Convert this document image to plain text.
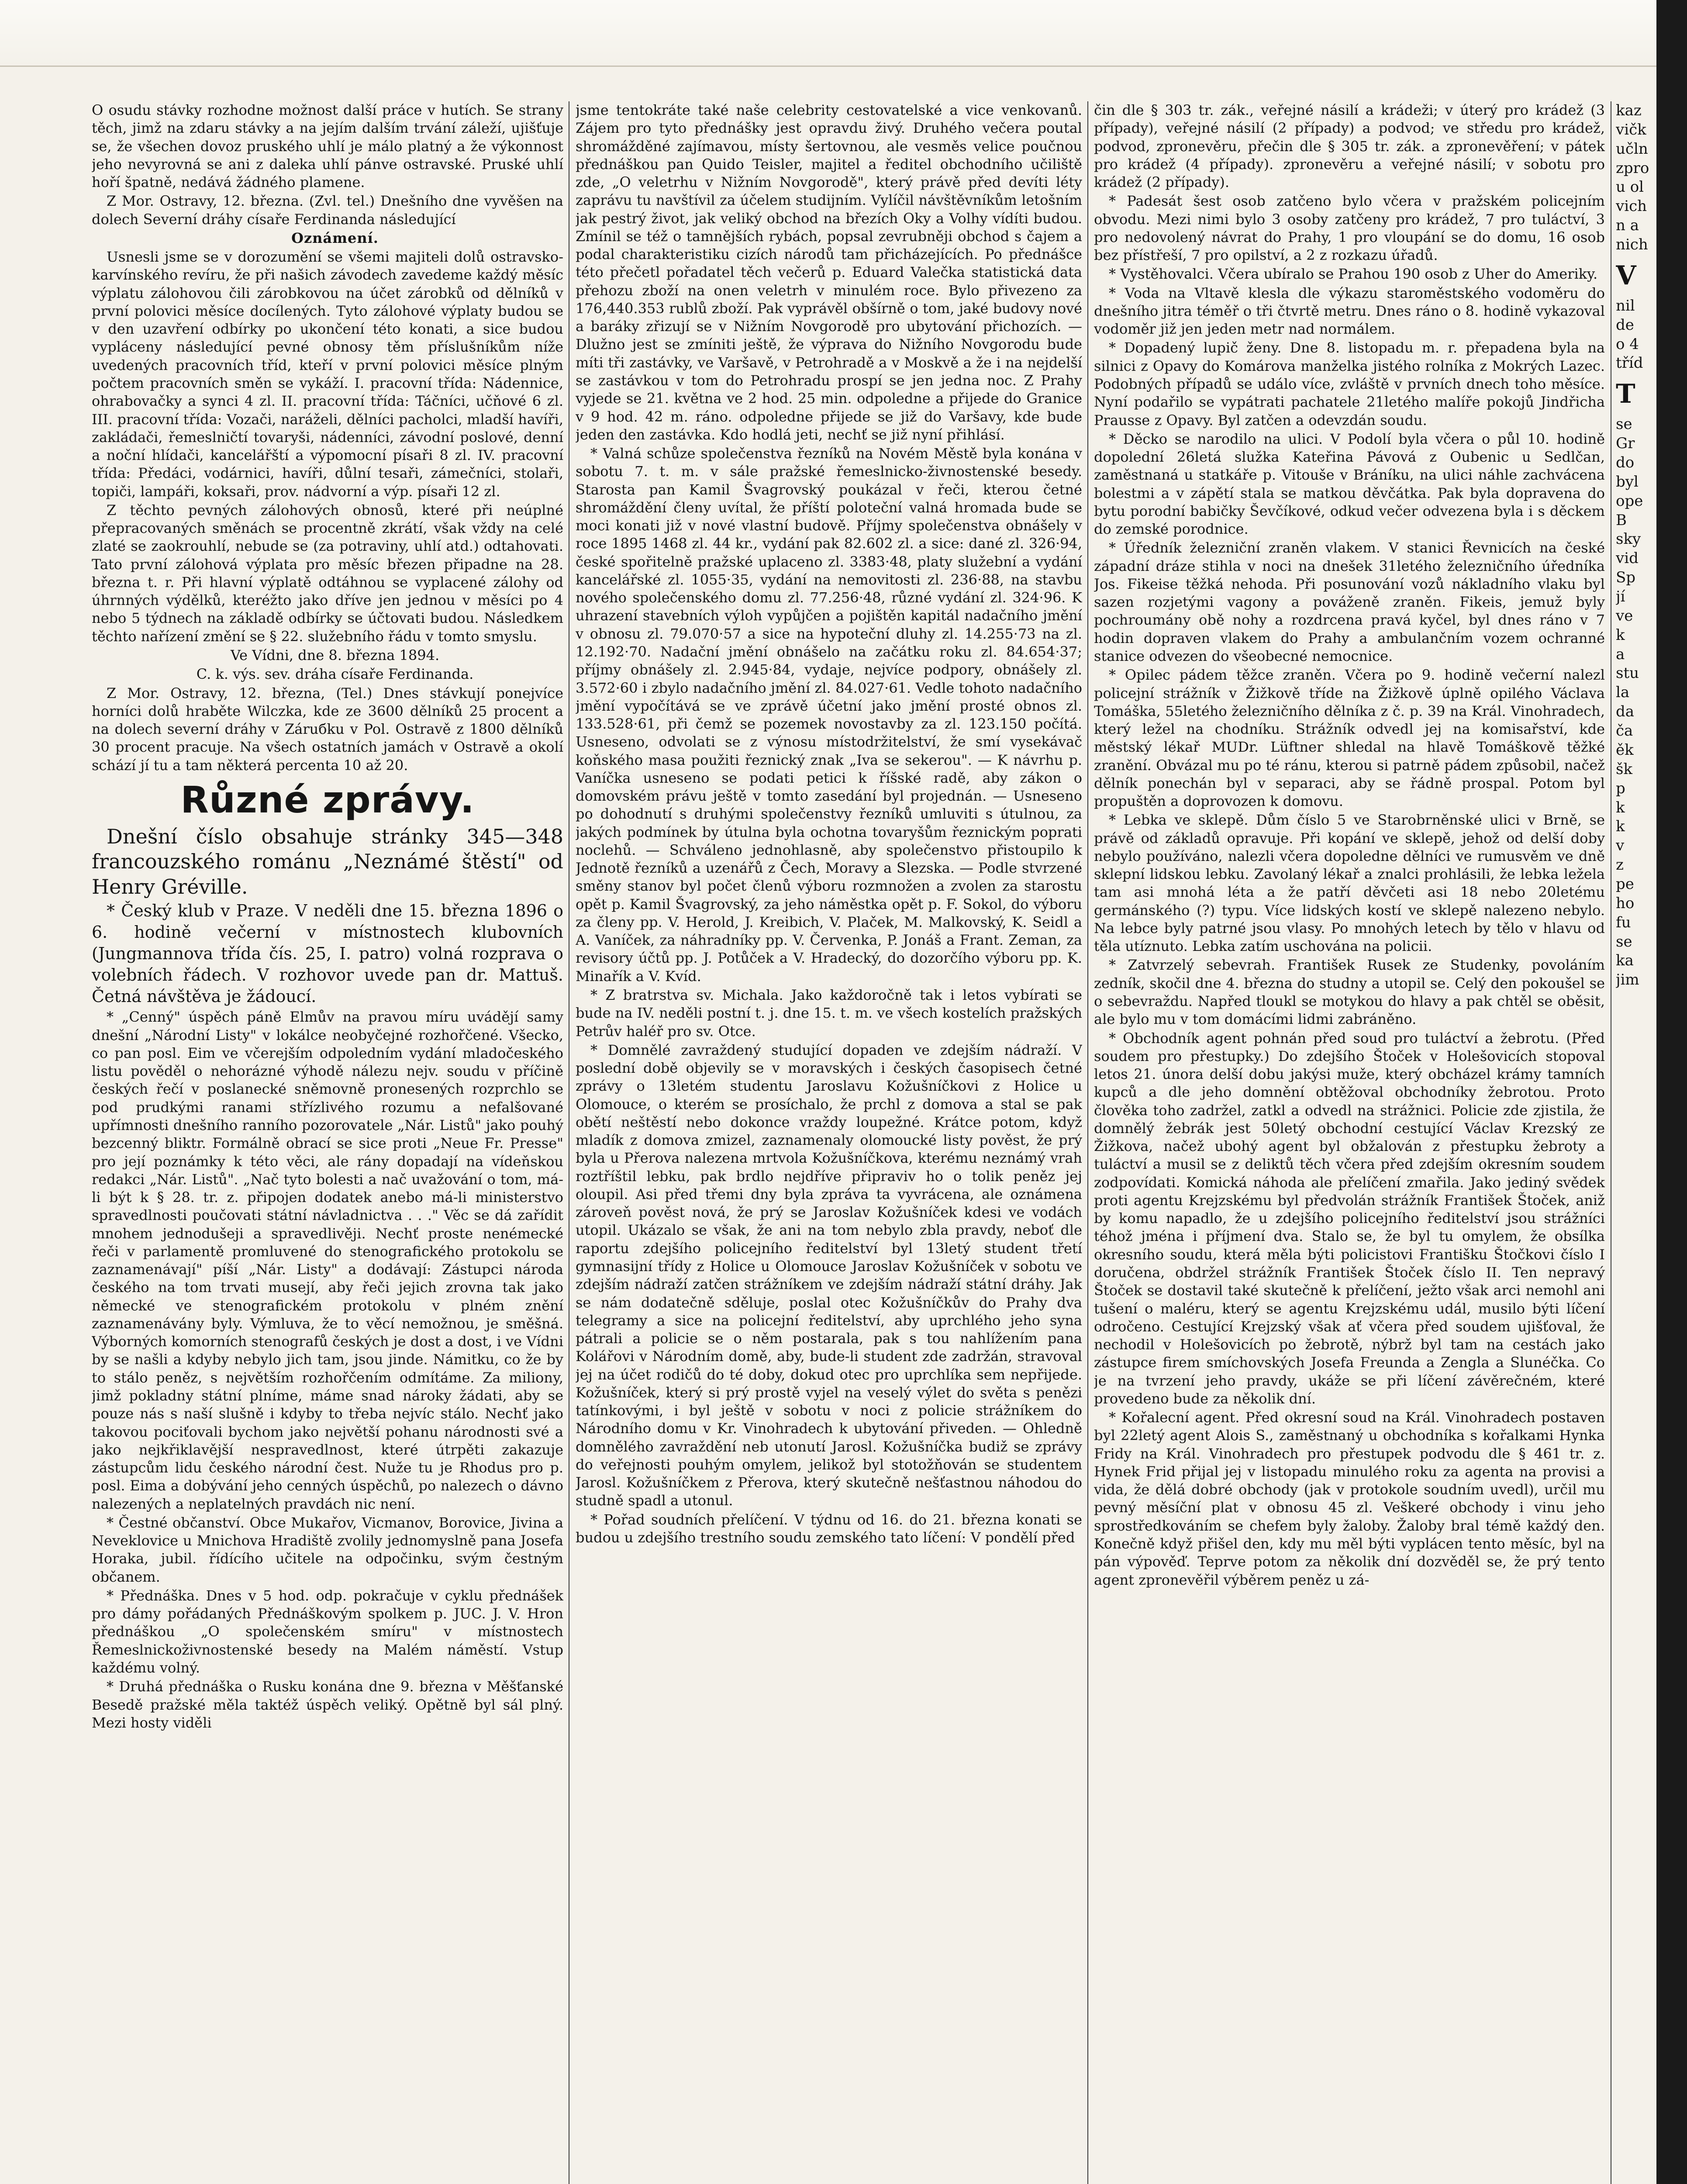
O osudu stávky rozhodne možnost další práce v hutích. Se strany těch, jimž na zdaru stávky a na jejím dalším trvání záleží, ujišťuje se, že všechen dovoz pruského uhlí je málo platný a že výkonnost jeho nevyrovná se ani z daleka uhlí pánve ostravské. Pruské uhlí hoří špatně, nedává žádného plamene.

Z Mor. Ostravy, 12. března. (Zvl. tel.) Dnešního dne vyvěšen na dolech Severní dráhy císaře Ferdinanda následující

Oznámení.

Usnesli jsme se v dorozumění se všemi majiteli dolů ostravsko-karvínského revíru, že při našich závodech zavedeme každý měsíc výplatu zálohovou čili zárobkovou na účet zárobků od dělníků v první polovici měsíce docílených. Tyto zálohové výplaty budou se v den uzavření odbírky po ukončení této konati, a sice budou vypláceny následující pevné obnosy těm příslušníkům níže uvedených pracovních tříd, kteří v první polovici měsíce plným počtem pracovních směn se vykáží. I. pracovní třída: Nádennice, ohrabovačky a synci 4 zl. II. pracovní třída: Táčníci, učňové 6 zl. III. pracovní třída: Vozači, naráželi, dělníci pacholci, mladší havíři, zakládači, řemeslničtí tovaryši, nádenníci, závodní poslové, denní a noční hlídači, kancelářští a výpomocní písaři 8 zl. IV. pracovní třída: Předáci, vodárnici, havíři, důlní tesaři, zámečníci, stolaři, topiči, lampáři, koksaři, prov. nádvorní a výp. písaři 12 zl.

Z těchto pevných zálohových obnosů, které při neúplné přepracovaných směnách se procentně zkrátí, však vždy na celé zlaté se zaokrouhlí, nebude se (za potraviny, uhlí atd.) odtahovati. Tato první zálohová výplata pro měsíc březen připadne na 28. března t. r. Při hlavní výplatě odtáhnou se vyplacené zálohy od úhrnných výdělků, kteréžto jako dříve jen jednou v měsíci po 4 nebo 5 týdnech na základě odbírky se účtovati budou. Následkem těchto nařízení změní se § 22. služebního řádu v tomto smyslu.

Ve Vídni, dne 8. března 1894.

C. k. výs. sev. dráha císaře Ferdinanda.

Z Mor. Ostravy, 12. března, (Tel.) Dnes stávkují ponejvíce horníci dolů hraběte Wilczka, kde ze 3600 dělníků 25 procent a na dolech severní dráhy v Záruбku v Pol. Ostravě z 1800 dělníků 30 procent pracuje. Na všech ostatních jamách v Ostravě a okolí schází jí tu a tam některá percenta 10 až 20.

Různé zprávy.

Dnešní číslo obsahuje stránky 345—348 francouzského románu „Neznámé štěstí" od Henry Gréville.

* Český klub v Praze. V neděli dne 15. března 1896 o 6. hodině večerní v místnostech klubovních (Jungmannova třída čís. 25, I. patro) volná rozprava o volebních řádech. V rozhovor uvede pan dr. Mattuš. Četná návštěva je žádoucí.

* „Cenný" úspěch páně Elmův na pravou míru uvádějí samy dnešní „Národní Listy" v lokálce neobyčejné rozhořčené. Všecko, co pan posl. Eim ve včerejším odpoledním vydání mladočeského listu pověděl o nehorázné výhodě nálezu nejv. soudu v příčině českých řečí v poslanecké sněmovně pronesených rozprchlo se pod prudkými ranami střízlivého rozumu a nefalšované upřímnosti dnešního ranního pozorovatele „Nár. Listů" jako pouhý bezcenný bliktr. Formálně obrací se sice proti „Neue Fr. Presse" pro její poznámky k této věci, ale rány dopadají na vídeňskou redakci „Nár. Listů". „Nač tyto bolesti a nač uvažování o tom, má-li být k § 28. tr. z. připojen dodatek anebo má-li ministerstvo spravedlnosti poučovati státní návladnictva . . ." Věc se dá zařídit mnohem jednodušeji a spravedlivěji. Nechť proste nenémecké řeči v parlamentě promluvené do stenografického protokolu se zaznamenávají" píší „Nár. Listy" a dodávají: Zástupci národa českého na tom trvati musejí, aby řeči jejich zrovna tak jako německé ve stenografickém protokolu v plném znění zaznamenávány byly. Výmluva, že to věcí nemožnou, je směšná. Výborných komorních stenografů českých je dost a dost, i ve Vídni by se našli a kdyby nebylo jich tam, jsou jinde. Námitku, co že by to stálo peněz, s největším rozhořčením odmítáme. Za miliony, jimž pokladny státní plníme, máme snad nároky žádati, aby se pouze nás s naší slušně i kdyby to třeba nejvíc stálo. Nechť jako takovou pociťovali bychom jako největší pohanu národnosti své a jako nejkřiklavější nespravedlnost, které útrpěti zakazuje zástupcům lidu českého národní čest. Nuže tu je Rhodus pro p. posl. Eima a dobývání jeho cenných úspěchů, po nalezech o dávno nalezených a neplatelných pravdách nic není.

* Čestné občanství. Obce Mukařov, Vicmanov, Borovice, Jivina a Neveklovice u Mnichova Hradiště zvolily jednomyslně pana Josefa Horaka, jubil. řídícího učitele na odpočinku, svým čestným občanem.

* Přednáška. Dnes v 5 hod. odp. pokračuje v cyklu přednášek pro dámy pořádaných Přednáškovým spolkem p. JUC. J. V. Hron přednáškou „O společenském smíru" v místnostech Řemeslnickoživnostenské besedy na Malém náměstí. Vstup každému volný.

* Druhá přednáška o Rusku konána dne 9. března v Měšťanské Besedě pražské měla taktéž úspěch veliký. Opětně byl sál plný. Mezi hosty viděli

jsme tentokráte také naše celebrity cestovatelské a vice venkovanů. Zájem pro tyto přednášky jest opravdu živý. Druhého večera poutal shromážděné zajímavou, místy šertovnou, ale vesměs velice poučnou přednáškou pan Quido Teisler, majitel a ředitel obchodního učiliště zde, „O veletrhu v Nižním Novgorodě", který právě před devíti léty zaprávu tu navštívil za účelem studijním. Vylíčil návštěvníkům letošním jak pestrý život, jak veliký obchod na březích Oky a Volhy vídíti budou. Zmínil se též o tamnějších rybách, popsal zevrubněji obchod s čajem a podal charakteristiku cizích národů tam přicházejících. Po přednášce této přečetl pořadatel těch večerů p. Eduard Valečka statistická data přehozu zboží na onen veletrh v minulém roce. Bylo přivezeno za 176,440.353 rublů zboží. Pak vyprávěl obšírně o tom, jaké budovy nové a baráky zřizují se v Nižním Novgorodě pro ubytování přichozích. — Dlužno jest se zmíniti ještě, že výprava do Nižního Novgorodu bude míti tři zastávky, ve Varšavě, v Petrohradě a v Moskvě a že i na nejdelší se zastávkou v tom do Petrohradu prospí se jen jedna noc. Z Prahy vyjede se 21. května ve 2 hod. 25 min. odpoledne a přijede do Granice v 9 hod. 42 m. ráno. odpoledne přijede se již do Varšavy, kde bude jeden den zastávka. Kdo hodlá jeti, nechť se již nyní přihlásí.

* Valná schůze společenstva řezníků na Novém Městě byla konána v sobotu 7. t. m. v sále pražské řemeslnicko-živnostenské besedy. Starosta pan Kamil Švagrovský poukázal v řeči, kterou četné shromáždění členy uvítal, že příští poloteční valná hromada bude se moci konati již v nové vlastní budově. Příjmy společenstva obnášely v roce 1895 1468 zl. 44 kr., vydání pak 82.602 zl. a sice: dané zl. 326·94, české spořitelně pražské uplaceno zl. 3383·48, platy služební a vydání kancelářské zl. 1055·35, vydání na nemovitosti zl. 236·88, na stavbu nového společenského domu zl. 77.256·48, různé vydání zl. 324·96. K uhrazení stavebních výloh vypůjčen a pojištěn kapitál nadačního jmění v obnosu zl. 79.070·57 a sice na hypoteční dluhy zl. 14.255·73 na zl. 12.192·70. Nadační jmění obnášelo na začátku roku zl. 84.654·37; příjmy obnášely zl. 2.945·84, vydaje, nejvíce podpory, obnášely zl. 3.572·60 i zbylo nadačního jmění zl. 84.027·61. Vedle tohoto nadačního jmění vypočítává se ve zprávě účetní jako jmění prosté obnos zl. 133.528·61, při čemž se pozemek novostavby za zl. 123.150 počítá. Usneseno, odvolati se z výnosu místodržitelství, že smí vysekávač koňského masa použiti řeznický znak „Iva se sekerou". — K návrhu p. Vaníčka usneseno se podati petici k říšské radě, aby zákon o domovském právu ještě v tomto zasedání byl projednán. — Usneseno po dohodnutí s druhými společenstvy řezníků umluviti s útulnou, za jakých podmínek by útulna byla ochotna tovaryšům řeznickým poprati noclehů. — Schváleno jednohlasně, aby společenstvo přistoupilo k Jednotě řezníků a uzenářů z Čech, Moravy a Slezska. — Podle stvrzené směny stanov byl počet členů výboru rozmnožen a zvolen za starostu opět p. Kamil Švagrovský, za jeho náměstka opět p. F. Sokol, do výboru za členy pp. V. Herold, J. Kreibich, V. Plaček, M. Malkovský, K. Seidl a A. Vaníček, za náhradníky pp. V. Červenka, P. Jonáš a Frant. Zeman, za revisory účtů pp. J. Potůček a V. Hradecký, do dozorčího výboru pp. K. Minařík a V. Kvíd.

* Z bratrstva sv. Michala. Jako každoročně tak i letos vybírati se bude na IV. neděli postní t. j. dne 15. t. m. ve všech kostelích pražských Petrův haléř pro sv. Otce.

* Domnělé zavraždený studující dopaden ve zdejším nádraží. V poslední době objevily se v moravských i českých časopisech četné zprávy o 13letém studentu Jaroslavu Kožušníčkovi z Holice u Olomouce, o kterém se prosíchalo, že prchl z domova a stal se pak obětí neštěstí nebo dokonce vraždy loupežné. Krátce potom, když mladík z domova zmizel, zaznamenaly olomoucké listy pověst, že prý byla u Přerova nalezena mrtvola Kožušníčkova, kterému neznámý vrah roztříštil lebku, pak brdlo nejdříve připraviv ho o tolik peněz jej oloupil. Asi před třemi dny byla zpráva ta vyvrácena, ale oznámena zároveň pověst nová, že prý se Jaroslav Kožušníček kdesi ve vodách utopil. Ukázalo se však, že ani na tom nebylo zbla pravdy, neboť dle raportu zdejšího policejního ředitelství byl 13letý student třetí gymnasijní třídy z Holice u Olomouce Jaroslav Kožušníček v sobotu ve zdejším nádraží zatčen strážníkem ve zdejším nádraží státní dráhy. Jak se nám dodatečně sděluje, poslal otec Kožušníčkův do Prahy dva telegramy a sice na policejní ředitelství, aby uprchlého jeho syna pátrali a policie se o něm postarala, pak s tou nahlížením pana Kolářovi v Národním domě, aby, bude-li student zde zadržán, stravoval jej na účet rodičů do té doby, dokud otec pro uprchlíka sem nepřijede. Kožušníček, který si prý prostě vyjel na veselý výlet do světa s penězi tatínkovými, i byl ještě v sobotu v noci z policie strážníkem do Národního domu v Kr. Vinohradech k ubytování přiveden. — Ohledně domnělého zavraždění neb utonutí Jarosl. Kožušníčka budiž se zprávy do veřejnosti pouhým omylem, jelikož byl stotožňován se studentem Jarosl. Kožušníčkem z Přerova, který skutečně nešťastnou náhodou do studně spadl a utonul.

* Pořad soudních přelíčení. V týdnu od 16. do 21. března konati se budou u zdejšího trestního soudu zemského tato líčení: V pondělí před

čin dle § 303 tr. zák., veřejné násilí a krádeži; v úterý pro krádež (3 případy), veřejné násilí (2 případy) a podvod; ve středu pro krádež, podvod, zpronevěru, přečin dle § 305 tr. zák. a zpronevěření; v pátek pro krádež (4 případy). zpronevěru a veřejné násilí; v sobotu pro krádež (2 případy).

* Padesát šest osob zatčeno bylo včera v pražském policejním obvodu. Mezi nimi bylo 3 osoby zatčeny pro krádež, 7 pro tuláctví, 3 pro nedovolený návrat do Prahy, 1 pro vloupání se do domu, 16 osob bez přístřeší, 7 pro opilství, a 2 z rozkazu úřadů.

* Vystěhovalci. Včera ubíralo se Prahou 190 osob z Uher do Ameriky.

* Voda na Vltavě klesla dle výkazu staroměstského vodoměru do dnešního jitra téměř o tři čtvrtě metru. Dnes ráno o 8. hodině vykazoval vodoměr již jen jeden metr nad normálem.

* Dopadený lupič ženy. Dne 8. listopadu m. r. přepadena byla na silnici z Opavy do Komárova manželka jistého rolníka z Mokrých Lazec. Podobných případů se událo více, zvláště v prvních dnech toho měsíce. Nyní podařilo se vypátrati pachatele 21letého malíře pokojů Jindřicha Prausse z Opavy. Byl zatčen a odevzdán soudu.

* Děcko se narodilo na ulici. V Podolí byla včera o půl 10. hodině dopolední 26letá služka Kateřina Pávová z Oubenic u Sedlčan, zaměstnaná u statkáře p. Vitouše v Bráníku, na ulici náhle zachvácena bolestmi a v zápětí stala se matkou děvčátka. Pak byla dopravena do bytu porodní babičky Ševčíkové, odkud večer odvezena byla i s děckem do zemské porodnice.

* Úředník železniční zraněn vlakem. V stanici Řevnicích na české západní dráze stihla v noci na dnešek 31letého železničního úředníka Jos. Fikeise těžká nehoda. Při posunování vozů nákladního vlaku byl sazen rozjetými vagony a pováženě zraněn. Fikeis, jemuž byly pochroumány obě nohy a rozdrcena pravá kyčel, byl dnes ráno v 7 hodin dopraven vlakem do Prahy a ambulančním vozem ochranné stanice odvezen do všeobecné nemocnice.

* Opilec pádem těžce zraněn. Včera po 9. hodině večerní nalezl policejní strážník v Žižkově tříde na Žižkově úplně opilého Václava Tomáška, 55letého železničního dělníka z č. p. 39 na Král. Vinohradech, který ležel na chodníku. Strážník odvedl jej na komisařství, kde městský lékař MUDr. Lüftner shledal na hlavě Tomáškově těžké zranění. Obvázal mu po té ránu, kterou si patrně pádem způsobil, načež dělník ponechán byl v separaci, aby se řádně prospal. Potom byl propuštěn a doprovozen k domovu.

* Lebka ve sklepě. Dům číslo 5 ve Starobrněnské ulici v Brně, se právě od základů opravuje. Při kopání ve sklepě, jehož od delší doby nebylo používáno, nalezli včera dopoledne dělníci ve rumusvěm ve dně sklepní lidskou lebku. Zavolaný lékař a znalci prohlásili, že lebka ležela tam asi mnohá léta a že patří děvčeti asi 18 nebo 20letému germánského (?) typu. Více lidských kostí ve sklepě nalezeno nebylo. Na lebce byly patrné jsou vlasy. Po mnohých letech by tělo v hlavu od těla utíznuto. Lebka zatím uschována na policii.

* Zatvrzelý sebevrah. František Rusek ze Studenky, povoláním zedník, skočil dne 4. března do studny a utopil se. Celý den pokoušel se o sebevraždu. Napřed tloukl se motykou do hlavy a pak chtěl se oběsit, ale bylo mu v tom domácími lidmi zabráněno.

* Obchodník agent pohnán před soud pro tuláctví a žebrotu. (Před soudem pro přestupky.) Do zdejšího Štoček v Holešovicích stopoval letos 21. února delší dobu jakýsi muže, který obcházel krámy tamních kupců a dle jeho domnění obtěžoval obchodníky žebrotou. Proto člověka toho zadržel, zatkl a odvedl na strážnici. Policie zde zjistila, že domnělý žebrák jest 50letý obchodní cestující Václav Krezský ze Žižkova, načež ubohý agent byl obžalován z přestupku žebroty a tuláctví a musil se z deliktů těch včera před zdejším okresním soudem zodpovídati. Komická náhoda ale přelíčení zmařila. Jako jediný svědek proti agentu Krejzskému byl předvolán strážník František Štoček, aniž by komu napadlo, že u zdejšího policejního ředitelství jsou strážníci téhož jména i příjmení dva. Stalo se, že byl tu omylem, že obsílka okresního soudu, která měla býti policistovi Františku Štočkovi číslo I doručena, obdržel strážník František Štoček číslo II. Ten nepravý Štoček se dostavil také skutečně k přelíčení, ježto však arci nemohl ani tušení o maléru, který se agentu Krejzskému udál, musilo býti líčení odročeno. Cestující Krejzský však ať včera před soudem ujišťoval, že nechodil v Holešovicích po žebrotě, nýbrž byl tam na cestách jako zástupce firem smíchovských Josefa Freunda a Zengla a Slunéčka. Co je na tvrzení jeho pravdy, ukáže se při líčení závěrečném, které provedeno bude za několik dní.

* Kořalecní agent. Před okresní soud na Král. Vinohradech postaven byl 22letý agent Alois S., zaměstnaný u obchodníka s kořalkami Hynka Fridy na Král. Vinohradech pro přestupek podvodu dle § 461 tr. z. Hynek Frid přijal jej v listopadu minulého roku za agenta na provisi a vida, že dělá dobré obchody (jak v protokole soudním uvedl), určil mu pevný měsíční plat v obnosu 45 zl. Veškeré obchody i vinu jeho sprostředkováním se chefem byly žaloby. Žaloby bral témě každý den. Konečně když přišel den, kdy mu měl býti vyplácen tento měsíc, byl na pán výpověď. Teprve potom za několik dní dozvěděl se, že prý tento agent zpronevěřil výběrem peněz u zá-

kaz
vičk
učln
zpro
u ol
vich
n a
nich
V
nil
de
o 4
tříd
T
se
Gr
do
byl
ope
B
sky
vid
Sp
jí
ve
k
a
stu
la
da
ča
ěk
šk
p
k
k
v
z
pe
ho
fu
se
ka
jim
